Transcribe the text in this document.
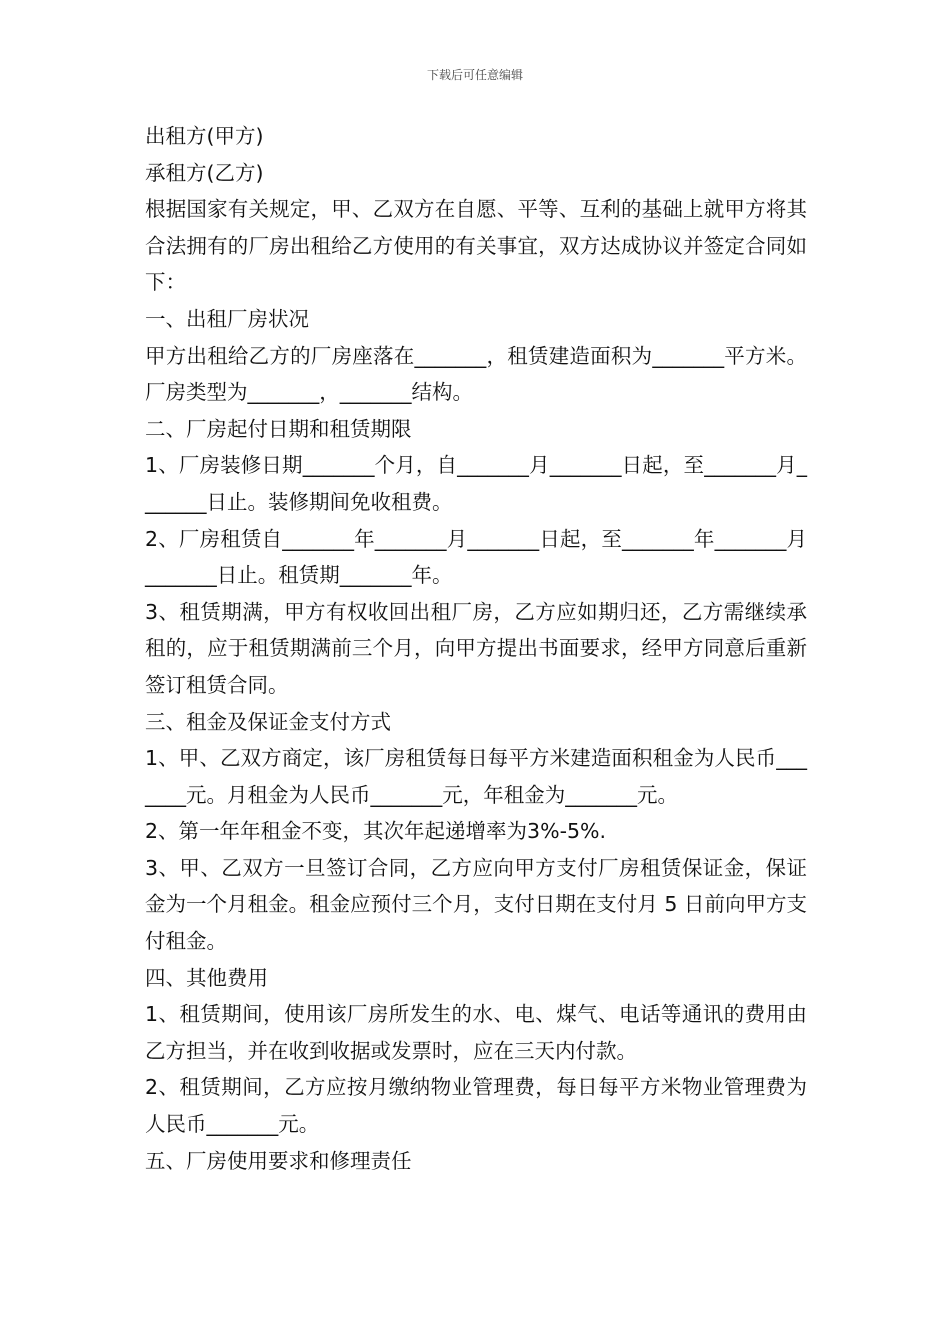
下载后可任意编辑

出租方(甲方)

承租方(乙方)

根据国家有关规定，甲、乙双方在自愿、平等、互利的基础上就甲方将其合法拥有的厂房出租给乙方使用的有关事宜，双方达成协议并签定合同如下：

一、出租厂房状况

甲方出租给乙方的厂房座落在_______，租赁建造面积为_______平方米。厂房类型为_______，_______结构。

二、厂房起付日期和租赁期限

1、厂房装修日期_______个月，自_______月_______日起，至_______月_______日止。装修期间免收租费。

2、厂房租赁自_______年_______月_______日起，至_______年_______月_______日止。租赁期_______年。

3、租赁期满，甲方有权收回出租厂房，乙方应如期归还，乙方需继续承租的，应于租赁期满前三个月，向甲方提出书面要求，经甲方同意后重新签订租赁合同。

三、租金及保证金支付方式

1、甲、乙双方商定，该厂房租赁每日每平方米建造面积租金为人民币_______元。月租金为人民币_______元，年租金为_______元。

2、第一年年租金不变，其次年起递增率为3%-5%.

3、甲、乙双方一旦签订合同，乙方应向甲方支付厂房租赁保证金，保证金为一个月租金。租金应预付三个月，支付日期在支付月 5 日前向甲方支付租金。

四、其他费用

1、租赁期间，使用该厂房所发生的水、电、煤气、电话等通讯的费用由乙方担当，并在收到收据或发票时，应在三天内付款。

2、租赁期间，乙方应按月缴纳物业管理费，每日每平方米物业管理费为人民币_______元。

五、厂房使用要求和修理责任
